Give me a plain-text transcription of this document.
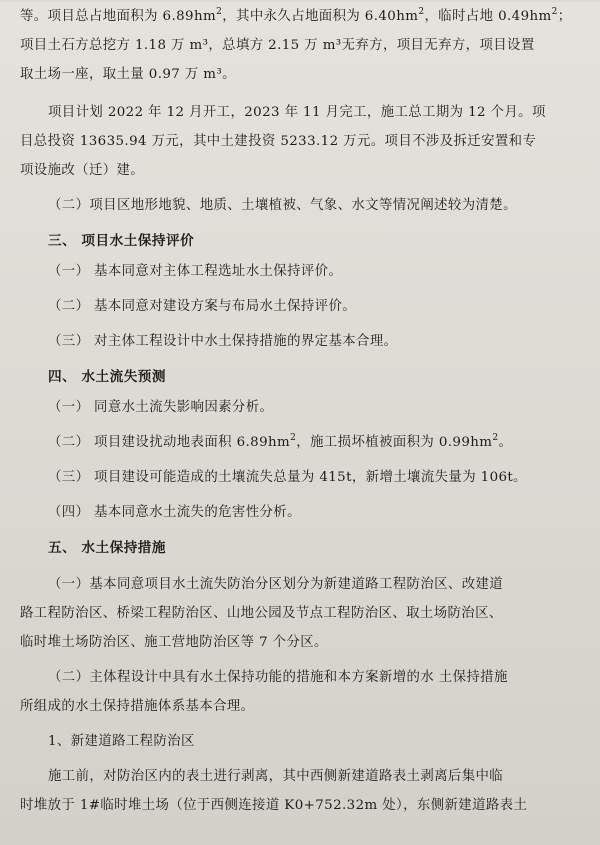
等。项目总占地面积为 $6.89hm^2$，其中永久占地面积为 $6.40hm^2$，临时占地 $0.49hm^2$；

项目土石方总挖方 1.18 万 m³，总填方 2.15 万 m³无弃方，项目无弃方，项目设置

取土场一座，取土量 0.97 万 m³。

项目计划 2022 年 12 月开工，2023 年 11 月完工，施工总工期为 12 个月。项

目总投资 13635.94 万元，其中土建投资 5233.12 万元。项目不涉及拆迁安置和专

项设施改（迁）建。

（二）项目区地形地貌、地质、土壤植被、气象、水文等情况阐述较为清楚。

三、 项目水土保持评价

（一） 基本同意对主体工程选址水土保持评价。

（二） 基本同意对建设方案与布局水土保持评价。

（三） 对主体工程设计中水土保持措施的界定基本合理。

四、 水土流失预测

（一） 同意水土流失影响因素分析。

（二） 项目建设扰动地表面积 $6.89hm^2$，施工损坏植被面积为 $0.99hm^2$。

（三） 项目建设可能造成的土壤流失总量为 415t，新增土壤流失量为 106t。

（四） 基本同意水土流失的危害性分析。

五、 水土保持措施

（一）基本同意项目水土流失防治分区划分为新建道路工程防治区、改建道

路工程防治区、桥梁工程防治区、山地公园及节点工程防治区、取土场防治区、

临时堆土场防治区、施工营地防治区等 7 个分区。

（二）主体程设计中具有水土保持功能的措施和本方案新增的水 土保持措施

所组成的水土保持措施体系基本合理。

1、新建道路工程防治区

施工前，对防治区内的表土进行剥离，其中西侧新建道路表土剥离后集中临

时堆放于 1#临时堆土场（位于西侧连接道 K0+752.32m 处），东侧新建道路表土
